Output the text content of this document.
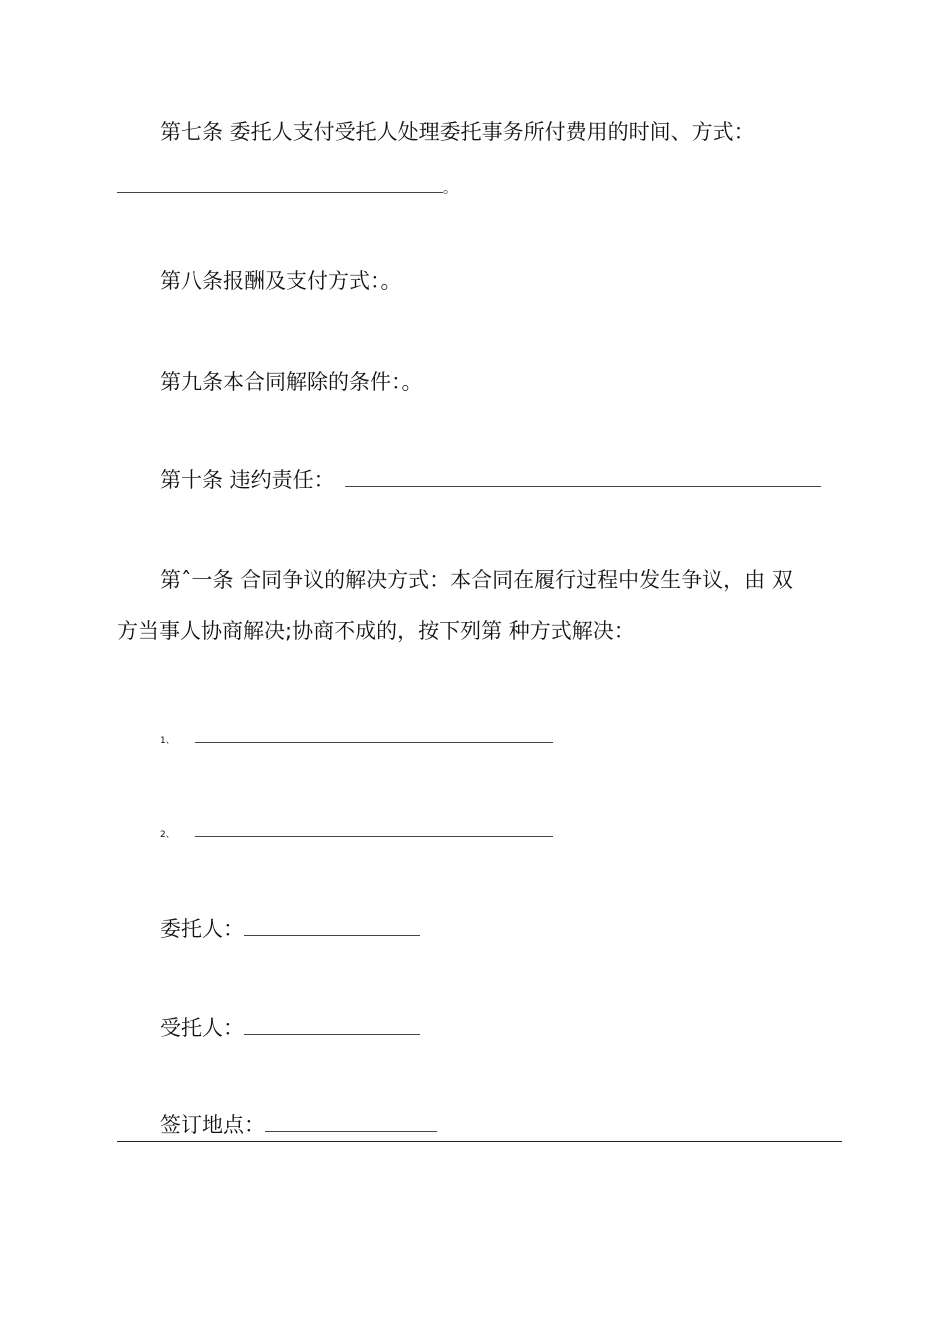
第七条 委托人支付受托人处理委托事务所付费用的时间、方式：
。
第八条报酬及支付方式：。
第九条本合同解除的条件：。
第十条 违约责任：
第ˆ一条 合同争议的解决方式：本合同在履行过程中发生争议，由 双
方当事人协商解决;协商不成的，按下列第 种方式解决：
1、
2、
委托人：
受托人：
签订地点：
